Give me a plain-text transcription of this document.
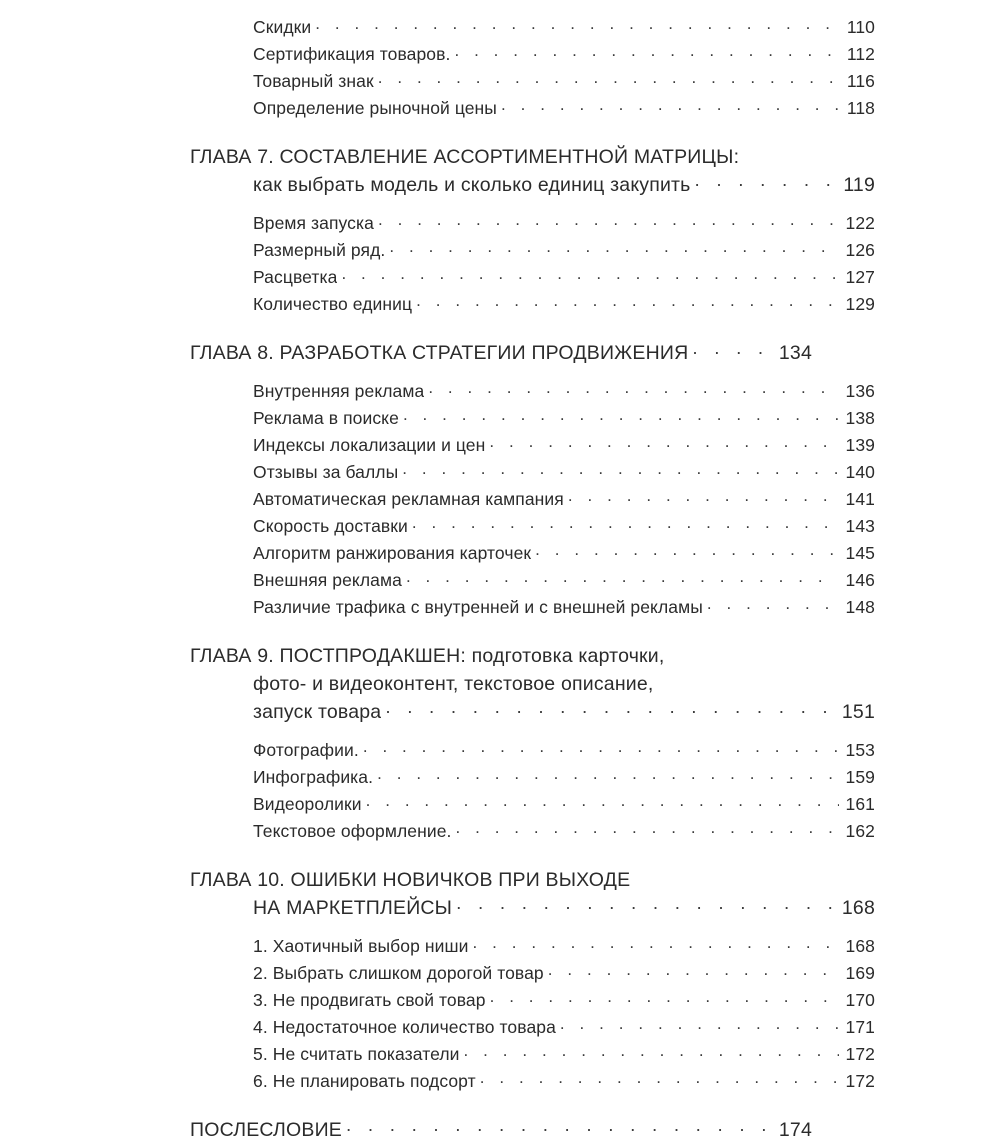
Скидки . . .	110
Сертификация товаров. . . .	112
Товарный знак . . .	116
Определение рыночной цены . . .	118
ГЛАВА 7. СОСТАВЛЕНИЕ АССОРТИМЕНТНОЙ МАТРИЦЫ:
как выбрать модель и сколько единиц закупить . . .	119
Время запуска . . .	122
Размерный ряд. . . .	126
Расцветка . . .	127
Количество единиц . . .	129
ГЛАВА 8. РАЗРАБОТКА СТРАТЕГИИ ПРОДВИЖЕНИЯ . . .	134
Внутренняя реклама . . .	136
Реклама в поиске . . .	138
Индексы локализации и цен . . .	139
Отзывы за баллы . . .	140
Автоматическая рекламная кампания . . .	141
Скорость доставки . . .	143
Алгоритм ранжирования карточек . . .	145
Внешняя реклама . . .	146
Различие трафика с внутренней и с внешней рекламы . . .	148
ГЛАВА 9. ПОСТПРОДАКШЕН: подготовка карточки,
фото- и видеоконтент, текстовое описание,
запуск товара . . .	151
Фотографии. . . .	153
Инфографика. . . .	159
Видеоролики . . .	161
Текстовое оформление. . . .	162
ГЛАВА 10. ОШИБКИ НОВИЧКОВ ПРИ ВЫХОДЕ
НА МАРКЕТПЛЕЙСЫ . . .	168
1. Хаотичный выбор ниши . . .	168
2. Выбрать слишком дорогой товар . . .	169
3. Не продвигать свой товар . . .	170
4. Недостаточное количество товара . . .	171
5. Не считать показатели . . .	172
6. Не планировать подсорт . . .	172
ПОСЛЕСЛОВИЕ . . .	174
